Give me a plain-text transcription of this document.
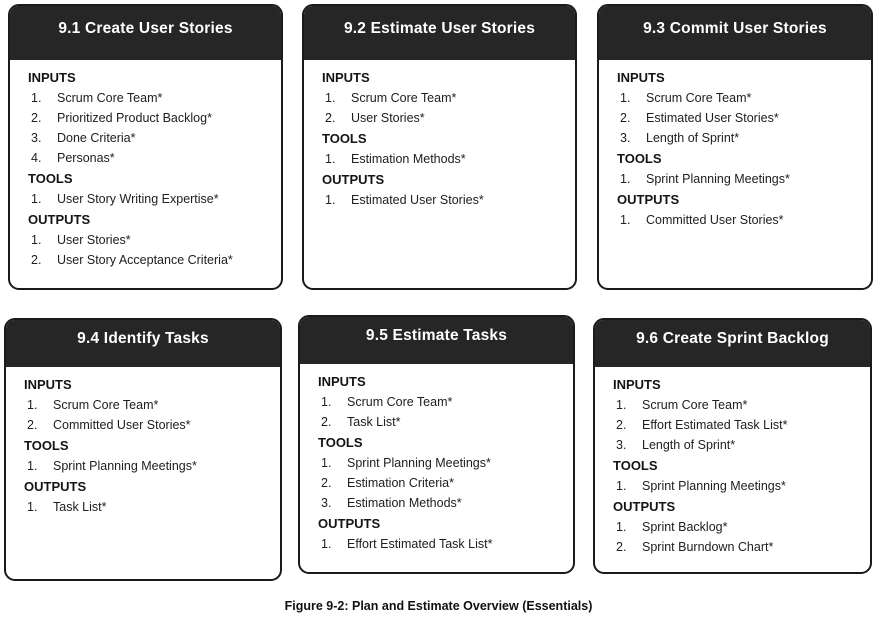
9.1 Create User Stories
INPUTS
1.	Scrum Core Team*
2.	Prioritized Product Backlog*
3.	Done Criteria*
4.	Personas*
TOOLS
1.	User Story Writing Expertise*
OUTPUTS
1.	User Stories*
2.	User Story Acceptance Criteria*
9.2 Estimate User Stories
INPUTS
1.	Scrum Core Team*
2.	User Stories*
TOOLS
1.	Estimation Methods*
OUTPUTS
1.	Estimated User Stories*
9.3 Commit User Stories
INPUTS
1.	Scrum Core Team*
2.	Estimated User Stories*
3.	Length of Sprint*
TOOLS
1.	Sprint Planning Meetings*
OUTPUTS
1.	Committed User Stories*
9.4 Identify Tasks
INPUTS
1.	Scrum Core Team*
2.	Committed User Stories*
TOOLS
1.	Sprint Planning Meetings*
OUTPUTS
1.	Task List*
9.5 Estimate Tasks
INPUTS
1.	Scrum Core Team*
2.	Task List*
TOOLS
1.	Sprint Planning Meetings*
2.	Estimation Criteria*
3.	Estimation Methods*
OUTPUTS
1.	Effort Estimated Task List*
9.6 Create Sprint Backlog
INPUTS
1.	Scrum Core Team*
2.	Effort Estimated Task List*
3.	Length of Sprint*
TOOLS
1.	Sprint Planning Meetings*
OUTPUTS
1.	Sprint Backlog*
2.	Sprint Burndown Chart*
Figure 9-2: Plan and Estimate Overview (Essentials)
